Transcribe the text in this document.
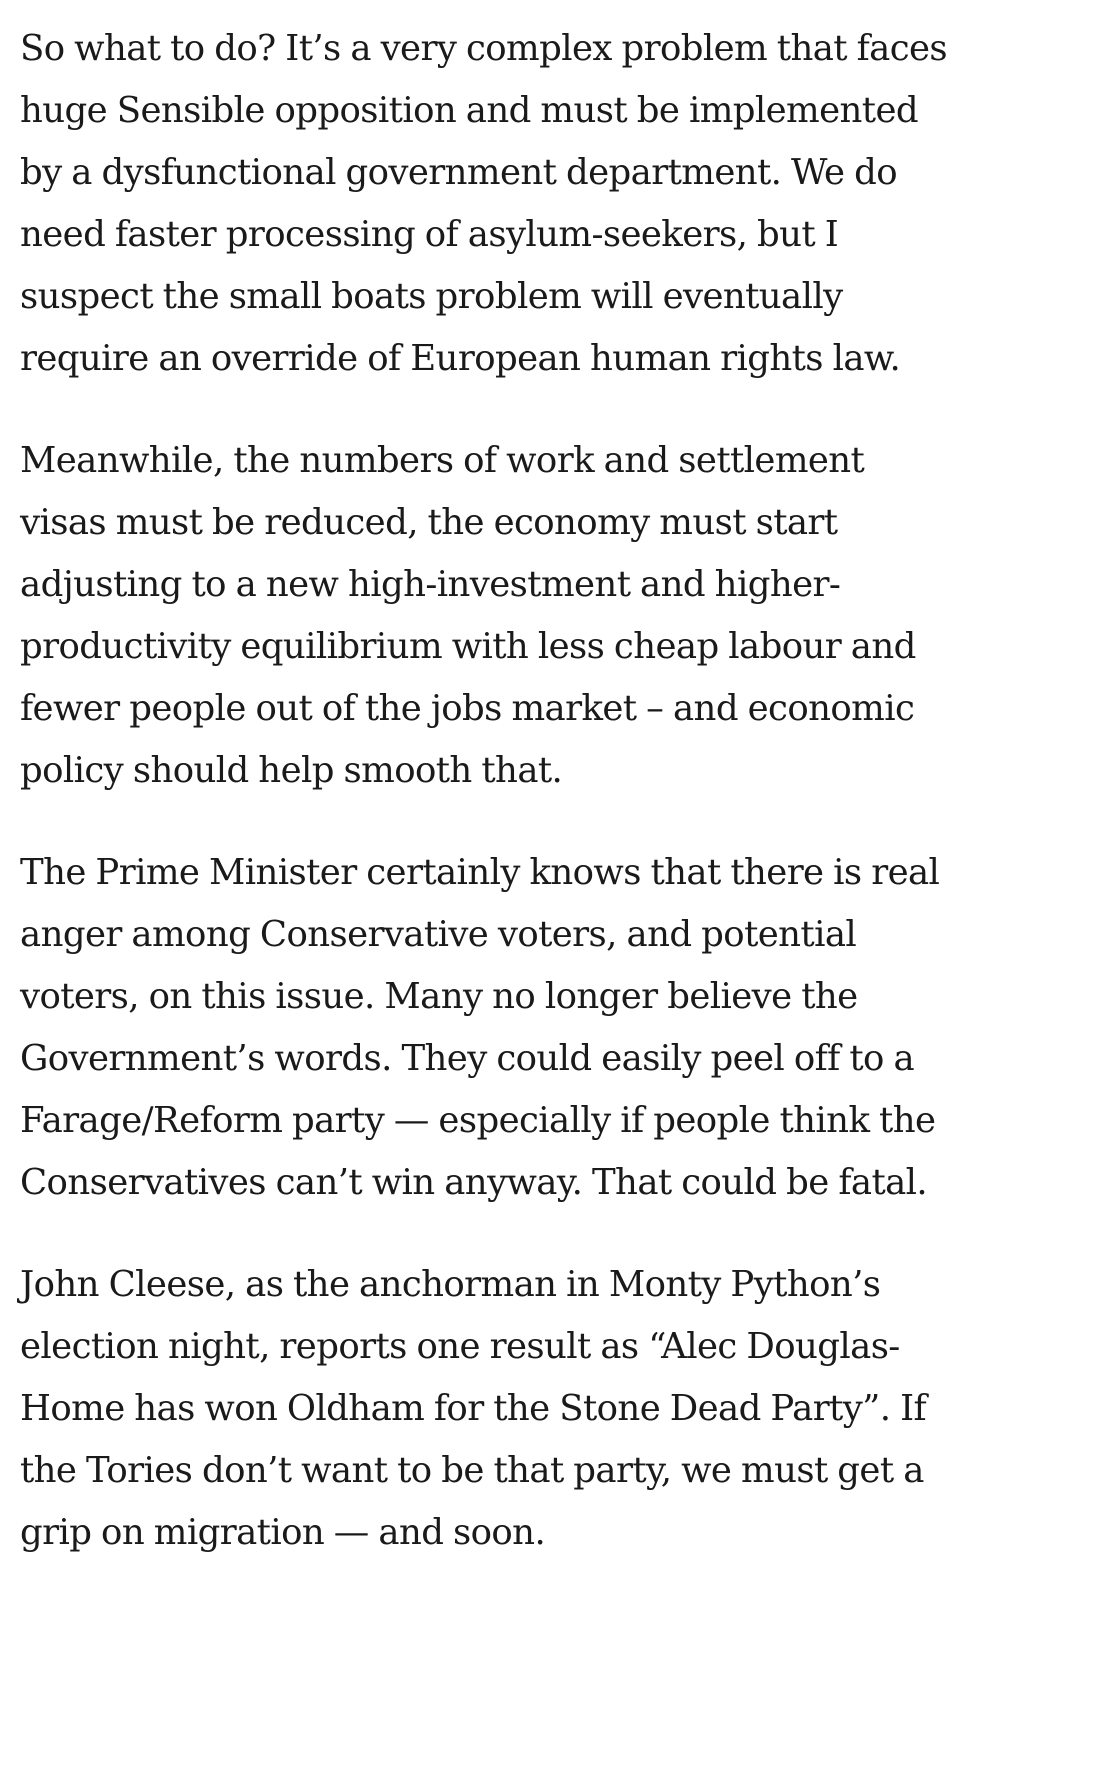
So what to do? It’s a very complex problem that faces
huge Sensible opposition and must be implemented
by a dysfunctional government department. We do
need faster processing of asylum-seekers, but I
suspect the small boats problem will eventually
require an override of European human rights law.

Meanwhile, the numbers of work and settlement
visas must be reduced, the economy must start
adjusting to a new high-investment and higher-
productivity equilibrium with less cheap labour and
fewer people out of the jobs market – and economic
policy should help smooth that.

The Prime Minister certainly knows that there is real
anger among Conservative voters, and potential
voters, on this issue. Many no longer believe the
Government’s words. They could easily peel off to a
Farage/Reform party — especially if people think the
Conservatives can’t win anyway. That could be fatal.

John Cleese, as the anchorman in Monty Python’s
election night, reports one result as “Alec Douglas-
Home has won Oldham for the Stone Dead Party”. If
the Tories don’t want to be that party, we must get a
grip on migration — and soon.
